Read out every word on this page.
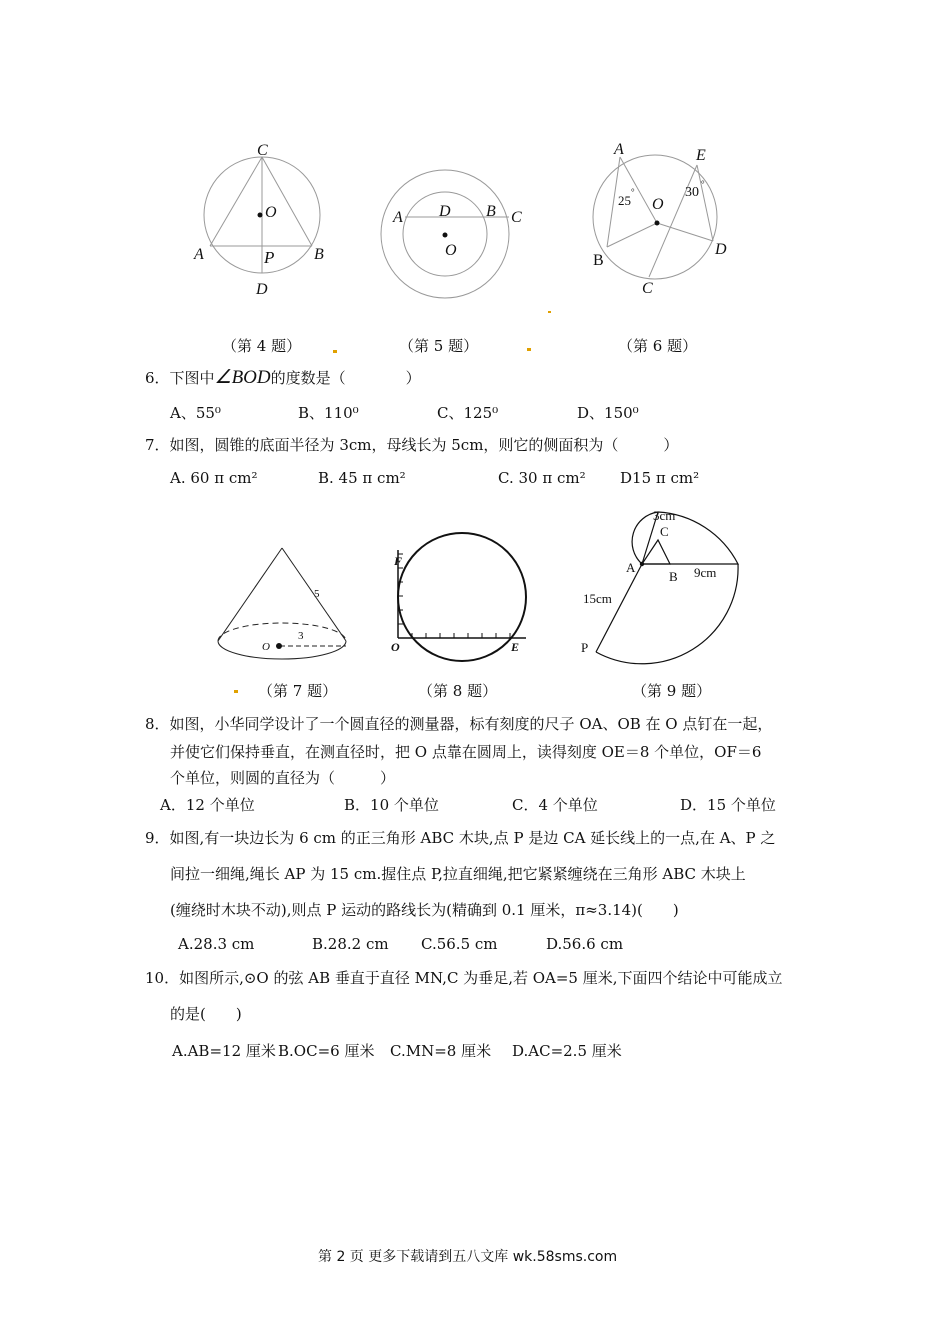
C
O
A	P B
D
（第 4 题）
A D B C
O
（第 5 题）
A	E
30
°
25
°
O
B
C
D
（第 6 题）
6．下图中∠BOD的度数是（　　　　）
A、55⁰	B、110⁰	C、125⁰	D、150⁰
7．如图，圆锥的底面半径为 3cm，母线长为 5cm，则它的侧面积为（　　　）
A. 60 π cm²	B. 45 π cm²	C. 30 π cm² D15 π cm²
5
3
O
（第 7 题）
F
O	E
（第 8 题）
3cm
C
A
B 9cm
15cm
P
（第 9 题）
8．如图，小华同学设计了一个圆直径的测量器，标有刻度的尺子 OA、OB 在 O 点钉在一起，
并使它们保持垂直，在测直径时，把 O 点靠在圆周上，读得刻度 OE＝8 个单位，OF＝6
个单位，则圆的直径为（　　　）
A．12 个单位	B．10 个单位	C．4 个单位	D．15 个单位
9．如图,有一块边长为 6 cm 的正三角形 ABC 木块,点 P 是边 CA 延长线上的一点,在 A、P 之
间拉一细绳,绳长 AP 为 15 cm.握住点 P,拉直细绳,把它紧紧缠绕在三角形 ABC 木块上
(缠绕时木块不动),则点 P 运动的路线长为(精确到 0.1 厘米，π≈3.14)(　　)
A.28.3 cm	B.28.2 cm C.56.5 cm	D.56.6 cm
10．如图所示,⊙O 的弦 AB 垂直于直径 MN,C 为垂足,若 OA=5 厘米,下面四个结论中可能成立
的是(　　)
A.AB=12 厘米 B.OC=6 厘米 C.MN=8 厘米 D.AC=2.5 厘米
第 2 页 更多下载请到五八文库 wk.58sms.com
